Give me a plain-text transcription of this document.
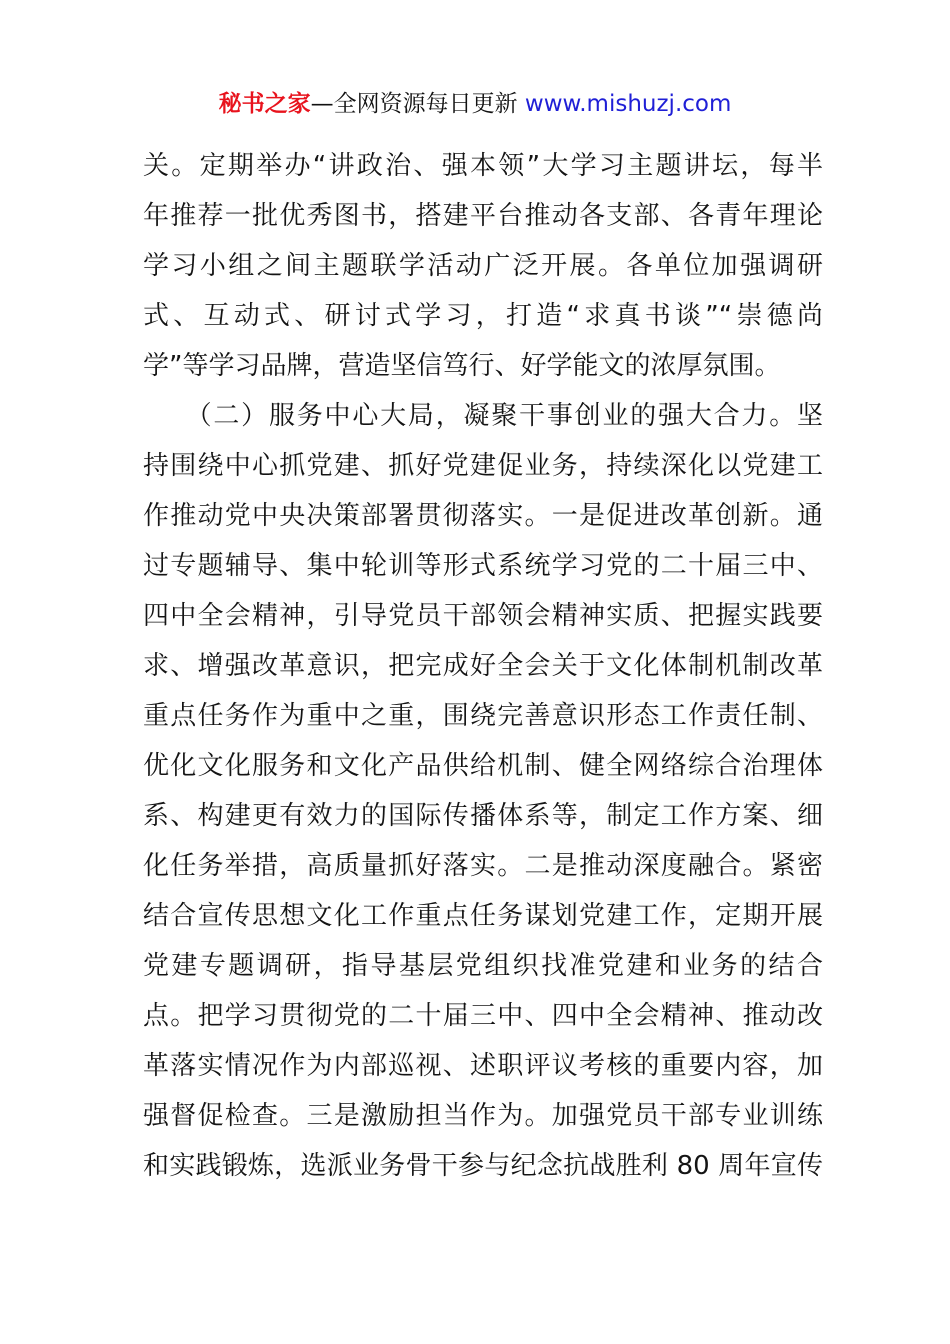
秘书之家—全网资源每日更新 www.mishuzj.com
关。定期举办“讲政治、强本领”大学习主题讲坛，每半
年推荐一批优秀图书，搭建平台推动各支部、各青年理论
学习小组之间主题联学活动广泛开展。各单位加强调研
式、互动式、研讨式学习，打造“求真书谈”“崇德尚
学”等学习品牌，营造坚信笃行、好学能文的浓厚氛围。
　　（二）服务中心大局，凝聚干事创业的强大合力。坚
持围绕中心抓党建、抓好党建促业务，持续深化以党建工
作推动党中央决策部署贯彻落实。一是促进改革创新。通
过专题辅导、集中轮训等形式系统学习党的二十届三中、
四中全会精神，引导党员干部领会精神实质、把握实践要
求、增强改革意识，把完成好全会关于文化体制机制改革
重点任务作为重中之重，围绕完善意识形态工作责任制、
优化文化服务和文化产品供给机制、健全网络综合治理体
系、构建更有效力的国际传播体系等，制定工作方案、细
化任务举措，高质量抓好落实。二是推动深度融合。紧密
结合宣传思想文化工作重点任务谋划党建工作，定期开展
党建专题调研，指导基层党组织找准党建和业务的结合
点。把学习贯彻党的二十届三中、四中全会精神、推动改
革落实情况作为内部巡视、述职评议考核的重要内容，加
强督促检查。三是激励担当作为。加强党员干部专业训练
和实践锻炼，选派业务骨干参与纪念抗战胜利 80 周年宣传
